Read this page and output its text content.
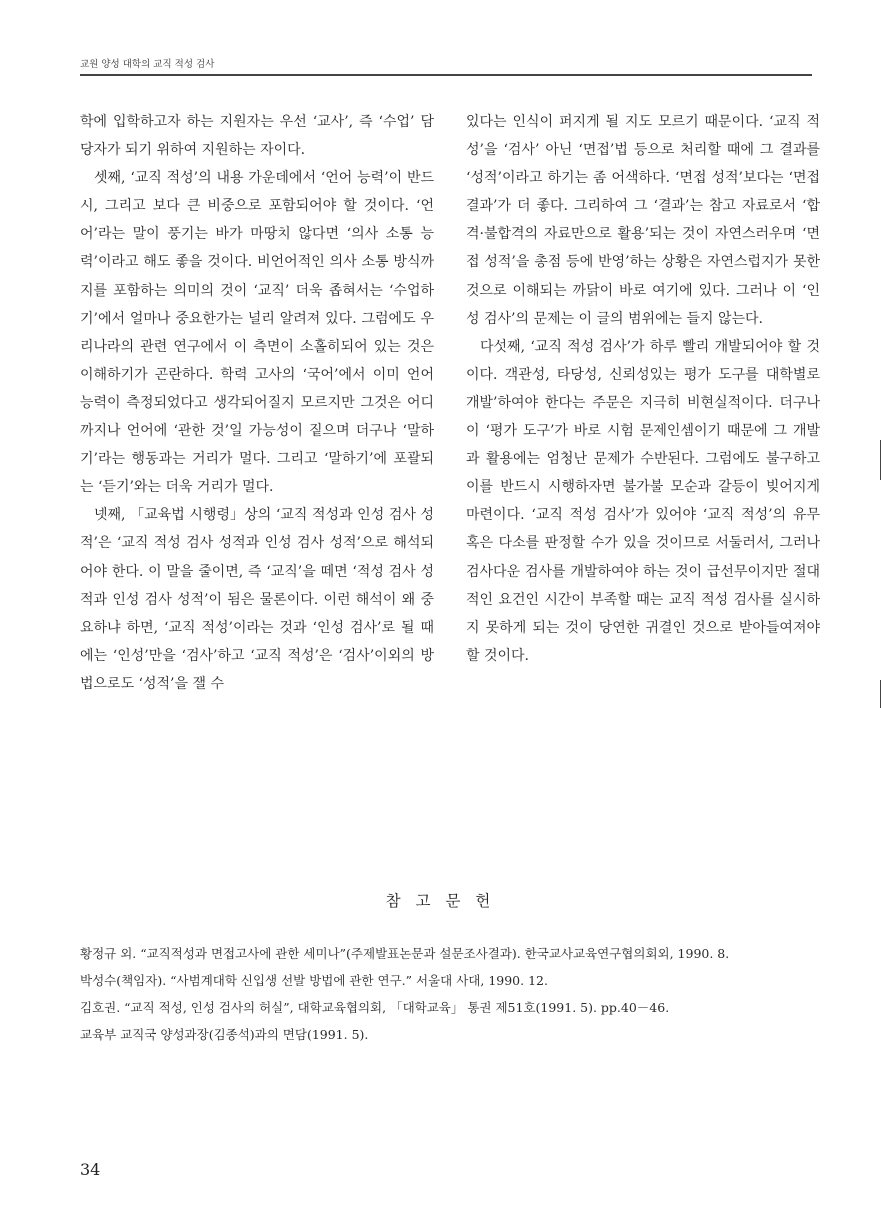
교원 양성 대학의 교직 적성 검사

학에 입학하고자 하는 지원자는 우선 ‘교사’, 즉 ‘수업’ 담당자가 되기 위하여 지원하는 자이다.

셋째, ‘교직 적성’의 내용 가운데에서 ‘언어 능력’이 반드시, 그리고 보다 큰 비중으로 포함되어야 할 것이다. ‘언어’라는 말이 풍기는 바가 마땅치 않다면 ‘의사 소통 능력’이라고 해도 좋을 것이다. 비언어적인 의사 소통 방식까지를 포함하는 의미의 것이 ‘교직’ 더욱 좁혀서는 ‘수업하기’에서 얼마나 중요한가는 널리 알려져 있다. 그럼에도 우리나라의 관련 연구에서 이 측면이 소홀히되어 있는 것은 이해하기가 곤란하다. 학력 고사의 ‘국어’에서 이미 언어 능력이 측정되었다고 생각되어질지 모르지만 그것은 어디까지나 언어에 ‘관한 것’일 가능성이 짙으며 더구나 ‘말하기’라는 행동과는 거리가 멀다. 그리고 ‘말하기’에 포괄되는 ‘듣기’와는 더욱 거리가 멀다.

넷째, 「교육법 시행령」상의 ‘교직 적성과 인성 검사 성적’은 ‘교직 적성 검사 성적과 인성 검사 성적’으로 해석되어야 한다. 이 말을 줄이면, 즉 ‘교직’을 떼면 ‘적성 검사 성적과 인성 검사 성적’이 됨은 물론이다. 이런 해석이 왜 중요하냐 하면, ‘교직 적성’이라는 것과 ‘인성 검사’로 될 때에는 ‘인성’만을 ‘검사’하고 ‘교직 적성’은 ‘검사’이외의 방법으로도 ‘성적’을 잴 수

있다는 인식이 퍼지게 될 지도 모르기 때문이다. ‘교직 적성’을 ‘검사’ 아닌 ‘면접’법 등으로 처리할 때에 그 결과를 ‘성적’이라고 하기는 좀 어색하다. ‘면접 성적’보다는 ‘면접 결과’가 더 좋다. 그리하여 그 ‘결과’는 참고 자료로서 ‘합격·불합격의 자료만으로 활용’되는 것이 자연스러우며 ‘면접 성적’을 총점 등에 반영’하는 상황은 자연스럽지가 못한 것으로 이해되는 까닭이 바로 여기에 있다. 그러나 이 ‘인성 검사’의 문제는 이 글의 범위에는 들지 않는다.

다섯째, ‘교직 적성 검사’가 하루 빨리 개발되어야 할 것이다. 객관성, 타당성, 신뢰성있는 평가 도구를 대학별로 개발’하여야 한다는 주문은 지극히 비현실적이다. 더구나 이 ‘평가 도구’가 바로 시험 문제인셈이기 때문에 그 개발과 활용에는 엄청난 문제가 수반된다. 그럼에도 불구하고 이를 반드시 시행하자면 불가불 모순과 갈등이 빚어지게 마련이다. ‘교직 적성 검사’가 있어야 ‘교직 적성’의 유무 혹은 다소를 판정할 수가 있을 것이므로 서둘러서, 그러나 검사다운 검사를 개발하여야 하는 것이 급선무이지만 절대적인 요건인 시간이 부족할 때는 교직 적성 검사를 실시하지 못하게 되는 것이 당연한 귀결인 것으로 받아들여져야 할 것이다.

참 고 문 헌

황정규 외. “교직적성과 면접고사에 관한 세미나”(주제발표논문과 설문조사결과). 한국교사교육연구협의회외, 1990. 8.

박성수(책임자). “사범계대학 신입생 선발 방법에 관한 연구.” 서울대 사대, 1990. 12.

김호권. “교직 적성, 인성 검사의 허실”, 대학교육협의회, 「대학교육」 통권 제51호(1991. 5). pp.40－46.

교육부 교직국 양성과장(김종석)과의 면담(1991. 5).

34
